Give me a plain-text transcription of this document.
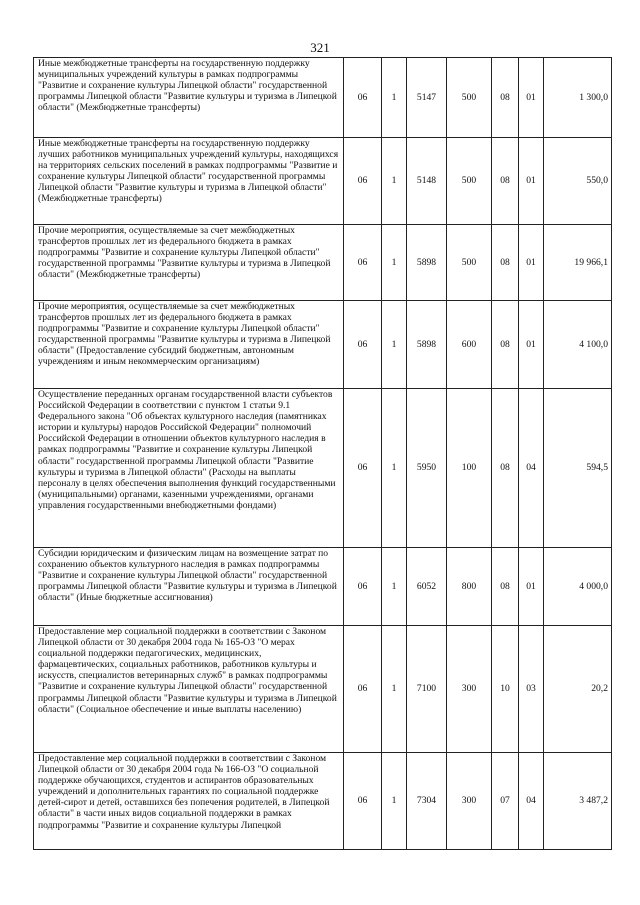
321
Иные межбюджетные трансферты на государственную поддержку муниципальных учреждений культуры в рамках подпрограммы "Развитие и сохранение культуры Липецкой области" государственной программы Липецкой области "Развитие культуры и туризма в Липецкой области" (Межбюджетные трансферты)	06	1	5147	500	08	01	1 300,0
Иные межбюджетные трансферты на государственную поддержку лучших работников муниципальных учреждений культуры, находящихся на территориях сельских поселений в рамках подпрограммы "Развитие и сохранение культуры Липецкой области" государственной программы Липецкой области "Развитие культуры и туризма в Липецкой области" (Межбюджетные трансферты)	06	1	5148	500	08	01	550,0
Прочие мероприятия, осуществляемые за счет межбюджетных трансфертов прошлых лет из федерального бюджета в рамках подпрограммы "Развитие и сохранение культуры Липецкой области" государственной программы "Развитие культуры и туризма в Липецкой области" (Межбюджетные трансферты)	06	1	5898	500	08	01	19 966,1
Прочие мероприятия, осуществляемые за счет межбюджетных трансфертов прошлых лет из федерального бюджета в рамках подпрограммы "Развитие и сохранение культуры Липецкой области" государственной программы "Развитие культуры и туризма в Липецкой области" (Предоставление субсидий бюджетным, автономным учреждениям и иным некоммерческим организациям)	06	1	5898	600	08	01	4 100,0
Осуществление переданных органам государственной власти субъектов Российской Федерации в соответствии с пунктом 1 статьи 9.1 Федерального закона "Об объектах культурного наследия (памятниках истории и культуры) народов Российской Федерации" полномочий Российской Федерации в отношении объектов культурного наследия в рамках подпрограммы "Развитие и сохранение культуры Липецкой области" государственной программы Липецкой области "Развитие культуры и туризма в Липецкой области" (Расходы на выплаты персоналу в целях обеспечения выполнения функций государственными (муниципальными) органами, казенными учреждениями, органами управления государственными внебюджетными фондами)	06	1	5950	100	08	04	594,5
Субсидии юридическим и физическим лицам на возмещение затрат по сохранению объектов культурного наследия в рамках подпрограммы "Развитие и сохранение культуры Липецкой области" государственной программы Липецкой области "Развитие культуры и туризма в Липецкой области" (Иные бюджетные ассигнования)	06	1	6052	800	08	01	4 000,0
Предоставление мер социальной поддержки в соответствии с Законом Липецкой области от 30 декабря 2004 года № 165-ОЗ "О мерах социальной поддержки педагогических, медицинских, фармацевтических, социальных работников, работников культуры и искусств, специалистов ветеринарных служб" в рамках подпрограммы "Развитие и сохранение культуры Липецкой области" государственной программы Липецкой области "Развитие культуры и туризма в Липецкой области" (Социальное обеспечение и иные выплаты населению)	06	1	7100	300	10	03	20,2
Предоставление мер социальной поддержки в соответствии с Законом Липецкой области от 30 декабря 2004 года № 166-ОЗ "О социальной поддержке обучающихся, студентов и аспирантов образовательных учреждений и дополнительных гарантиях по социальной поддержке детей-сирот и детей, оставшихся без попечения родителей, в Липецкой области" в части иных видов социальной поддержки в рамках подпрограммы "Развитие и сохранение культуры Липецкой	06	1	7304	300	07	04	3 487,2
